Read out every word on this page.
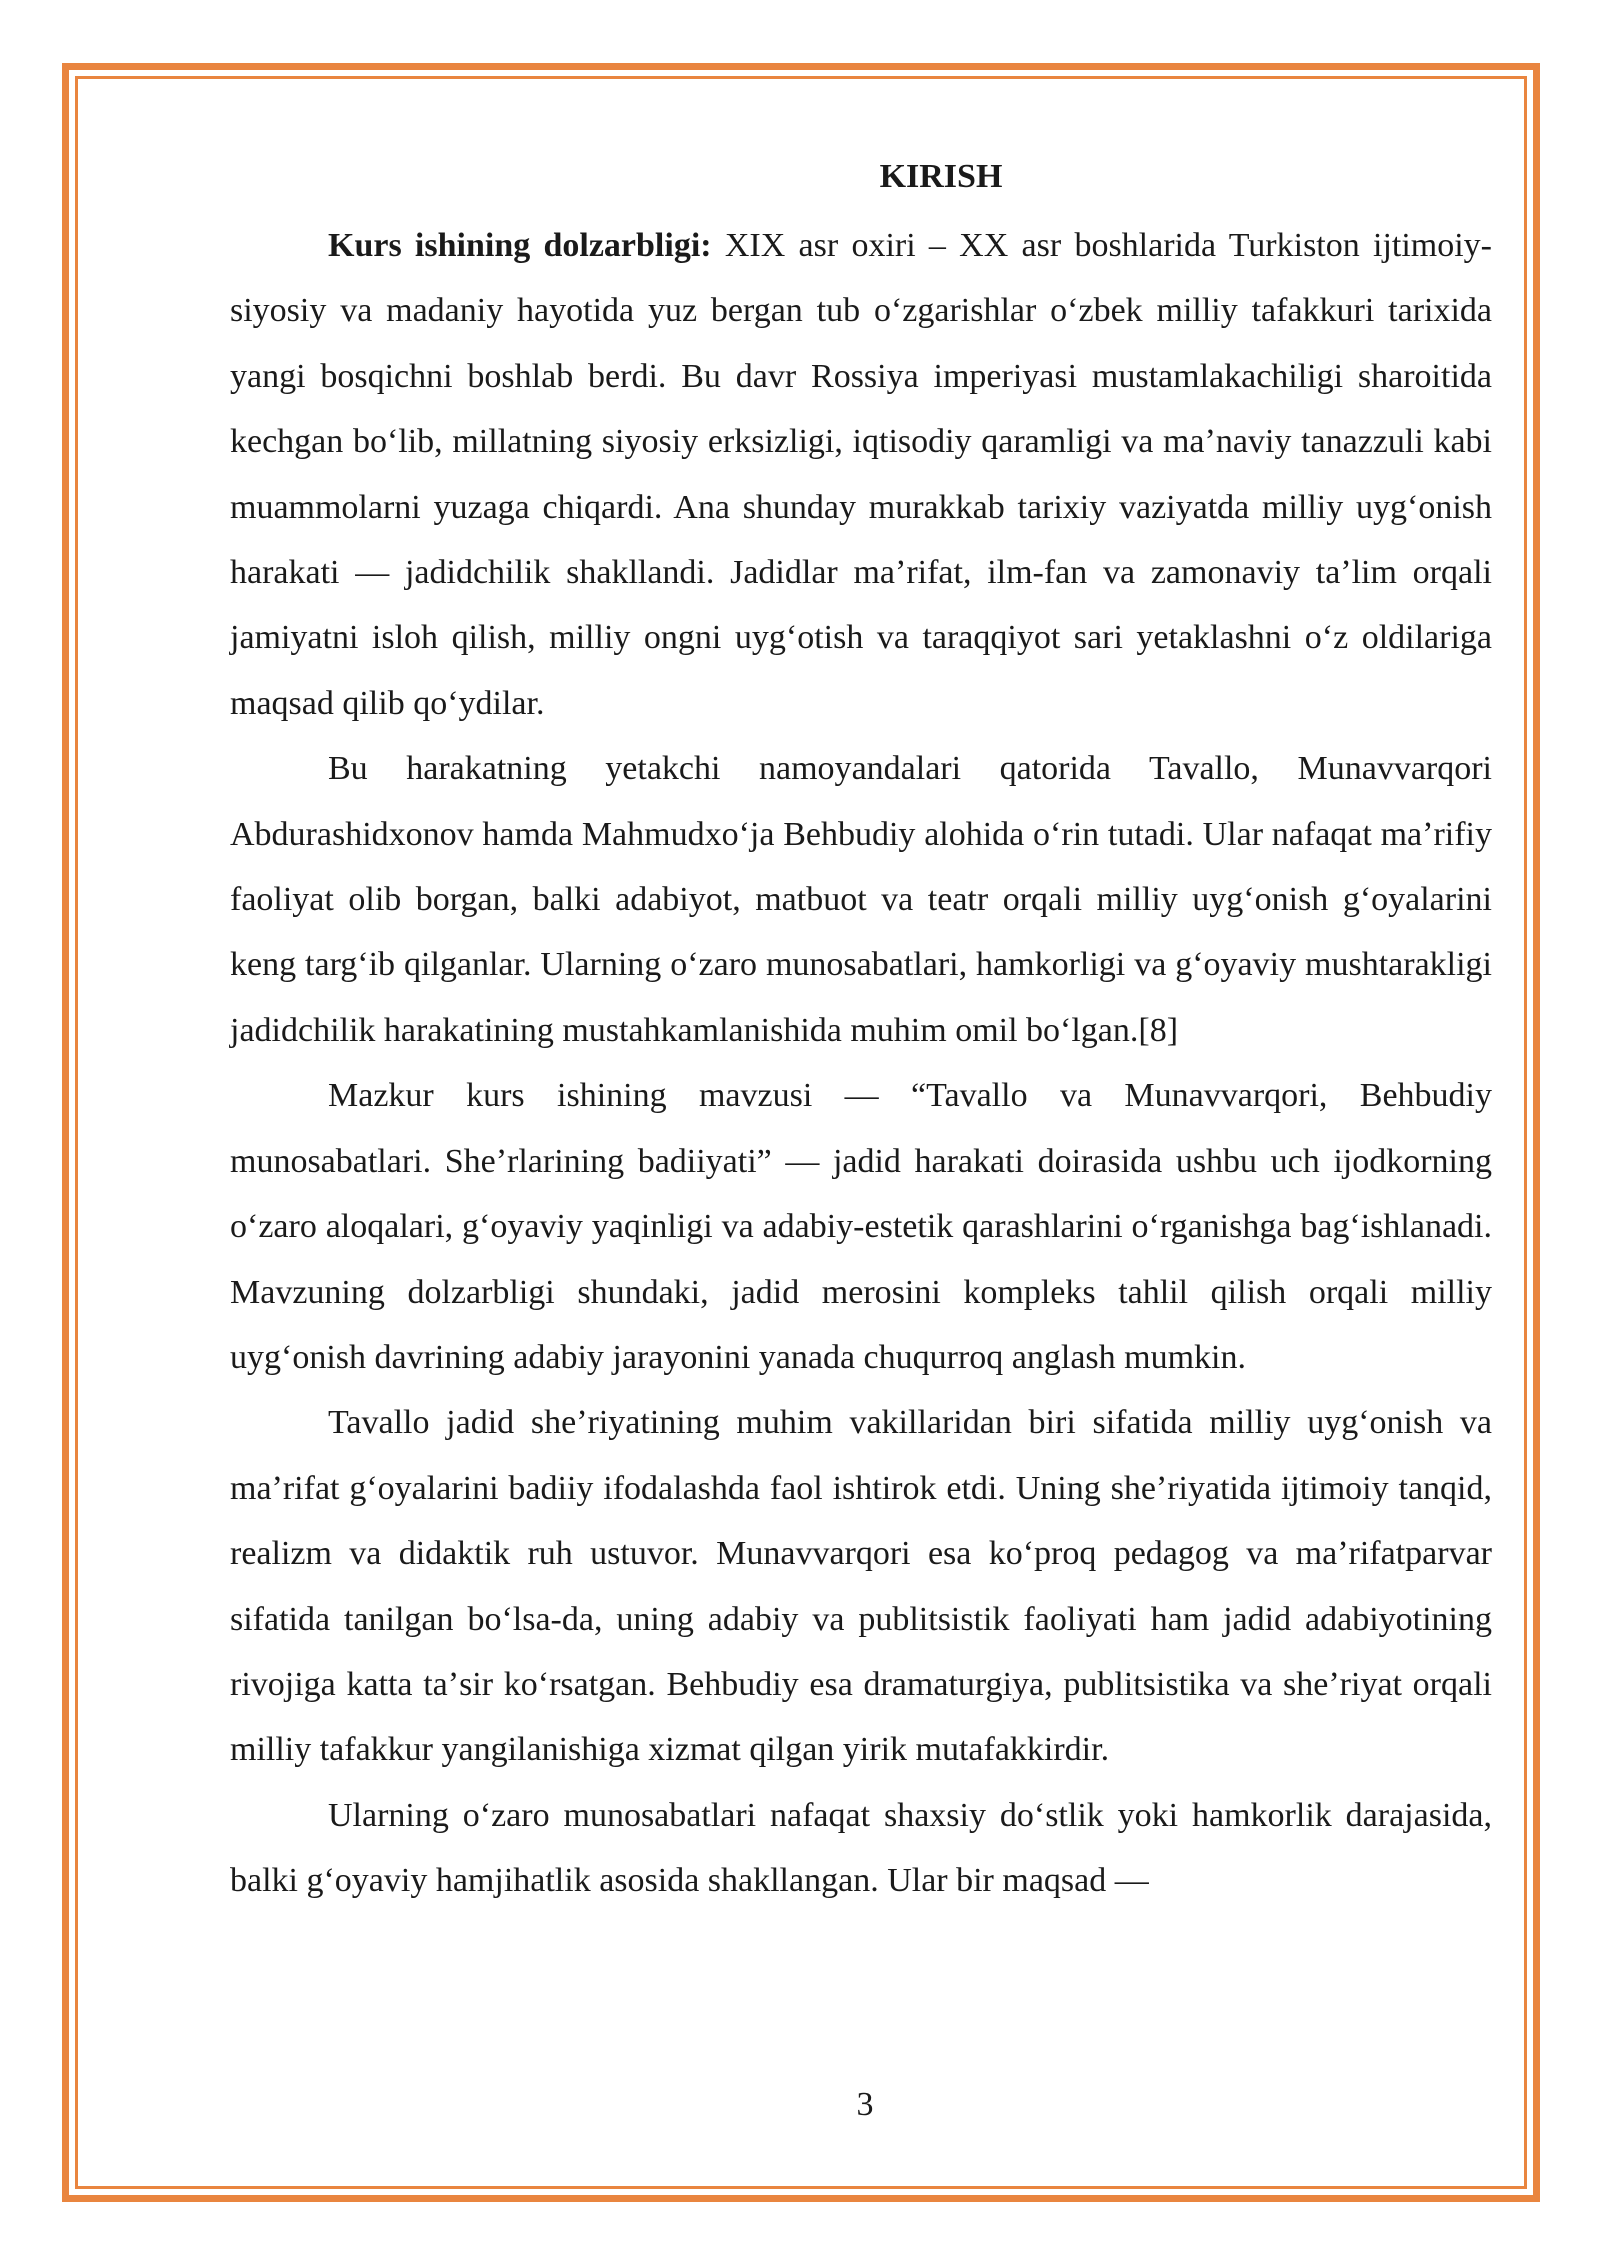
KIRISH

Kurs ishining dolzarbligi: XIX asr oxiri – XX asr boshlarida Turkiston ijtimoiy-siyosiy va madaniy hayotida yuz bergan tub oʻzgarishlar oʻzbek milliy tafakkuri tarixida yangi bosqichni boshlab berdi. Bu davr Rossiya imperiyasi mustamlakachiligi sharoitida kechgan boʻlib, millatning siyosiy erksizligi, iqtisodiy qaramligi va maʼnaviy tanazzuli kabi muammolarni yuzaga chiqardi. Ana shunday murakkab tarixiy vaziyatda milliy uygʻonish harakati — jadidchilik shakllandi. Jadidlar maʼrifat, ilm-fan va zamonaviy taʼlim orqali jamiyatni isloh qilish, milliy ongni uygʻotish va taraqqiyot sari yetaklashni oʻz oldilariga maqsad qilib qoʻydilar.

Bu harakatning yetakchi namoyandalari qatorida Tavallo, Munavvarqori Abdurashidxonov hamda Mahmudxoʻja Behbudiy alohida oʻrin tutadi. Ular nafaqat maʼrifiy faoliyat olib borgan, balki adabiyot, matbuot va teatr orqali milliy uygʻonish gʻoyalarini keng targʻib qilganlar. Ularning oʻzaro munosabatlari, hamkorligi va gʻoyaviy mushtarakligi jadidchilik harakatining mustahkamlanishida muhim omil boʻlgan.[8]

Mazkur kurs ishining mavzusi — “Tavallo va Munavvarqori, Behbudiy munosabatlari. Sheʼrlarining badiiyati” — jadid harakati doirasida ushbu uch ijodkorning oʻzaro aloqalari, gʻoyaviy yaqinligi va adabiy-estetik qarashlarini oʻrganishga bagʻishlanadi. Mavzuning dolzarbligi shundaki, jadid merosini kompleks tahlil qilish orqali milliy uygʻonish davrining adabiy jarayonini yanada chuqurroq anglash mumkin.

Tavallo jadid sheʼriyatining muhim vakillaridan biri sifatida milliy uygʻonish va maʼrifat gʻoyalarini badiiy ifodalashda faol ishtirok etdi. Uning sheʼriyatida ijtimoiy tanqid, realizm va didaktik ruh ustuvor. Munavvarqori esa koʻproq pedagog va maʼrifatparvar sifatida tanilgan boʻlsa-da, uning adabiy va publitsistik faoliyati ham jadid adabiyotining rivojiga katta taʼsir koʻrsatgan. Behbudiy esa dramaturgiya, publitsistika va sheʼriyat orqali milliy tafakkur yangilanishiga xizmat qilgan yirik mutafakkirdir.

Ularning oʻzaro munosabatlari nafaqat shaxsiy doʻstlik yoki hamkorlik darajasida, balki gʻoyaviy hamjihatlik asosida shakllangan. Ular bir maqsad —

3
